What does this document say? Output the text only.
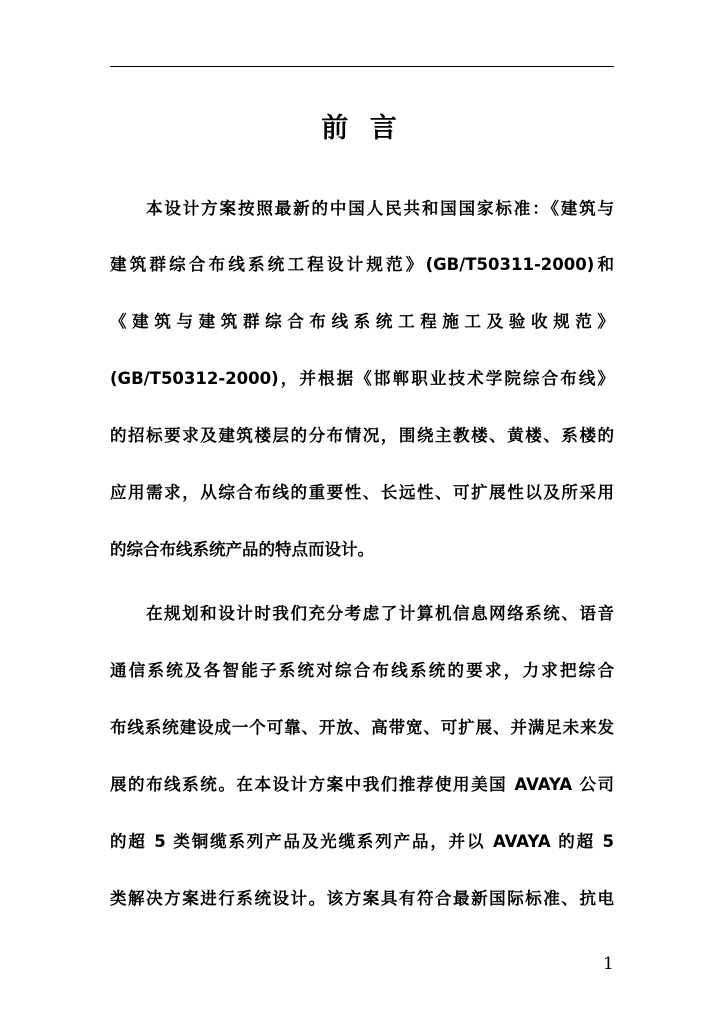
前 言
本设计方案按照最新的中国人民共和国国家标准：《建筑与
建筑群综合布线系统工程设计规范》(GB/T50311-2000)和
《建筑与建筑群综合布线系统工程施工及验收规范》
(GB/T50312-2000)，并根据《邯郸职业技术学院综合布线》
的招标要求及建筑楼层的分布情况，围绕主教楼、黄楼、系楼的
应用需求，从综合布线的重要性、长远性、可扩展性以及所采用
的综合布线系统产品的特点而设计。
在规划和设计时我们充分考虑了计算机信息网络系统、语音
通信系统及各智能子系统对综合布线系统的要求，力求把综合
布线系统建设成一个可靠、开放、高带宽、可扩展、并满足未来发
展的布线系统。在本设计方案中我们推荐使用美国 AVAYA 公司
的超 5 类铜缆系列产品及光缆系列产品，并以 AVAYA 的超 5
类解决方案进行系统设计。该方案具有符合最新国际标准、抗电
1
